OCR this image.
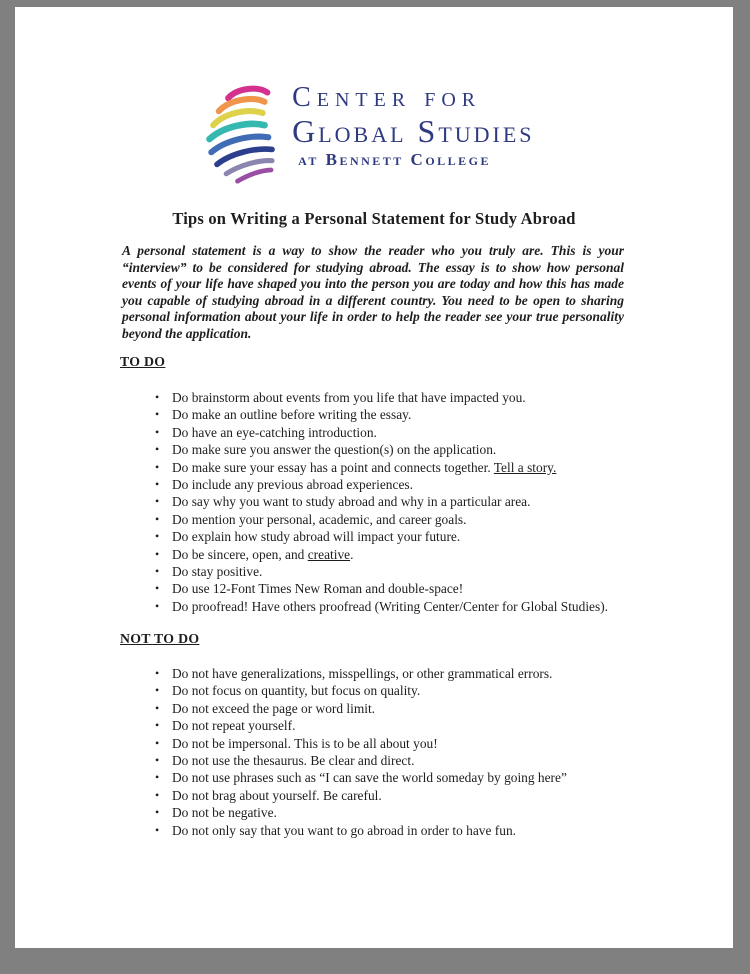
Center for
Global Studies
at Bennett College
Tips on Writing a Personal Statement for Study Abroad
A personal statement is a way to show the reader who you truly are. This is your “interview” to be considered for studying abroad. The essay is to show how personal events of your life have shaped you into the person you are today and how this has made you capable of studying abroad in a different country. You need to be open to sharing personal information about your life in order to help the reader see your true personality beyond the application.
TO DO
• Do brainstorm about events from you life that have impacted you.
• Do make an outline before writing the essay.
• Do have an eye-catching introduction.
• Do make sure you answer the question(s) on the application.
• Do make sure your essay has a point and connects together. Tell a story.
• Do include any previous abroad experiences.
• Do say why you want to study abroad and why in a particular area.
• Do mention your personal, academic, and career goals.
• Do explain how study abroad will impact your future.
• Do be sincere, open, and creative.
• Do stay positive.
• Do use 12-Font Times New Roman and double-space!
• Do proofread! Have others proofread (Writing Center/Center for Global Studies).
NOT TO DO
• Do not have generalizations, misspellings, or other grammatical errors.
• Do not focus on quantity, but focus on quality.
• Do not exceed the page or word limit.
• Do not repeat yourself.
• Do not be impersonal. This is to be all about you!
• Do not use the thesaurus. Be clear and direct.
• Do not use phrases such as “I can save the world someday by going here”
• Do not brag about yourself. Be careful.
• Do not be negative.
• Do not only say that you want to go abroad in order to have fun.
